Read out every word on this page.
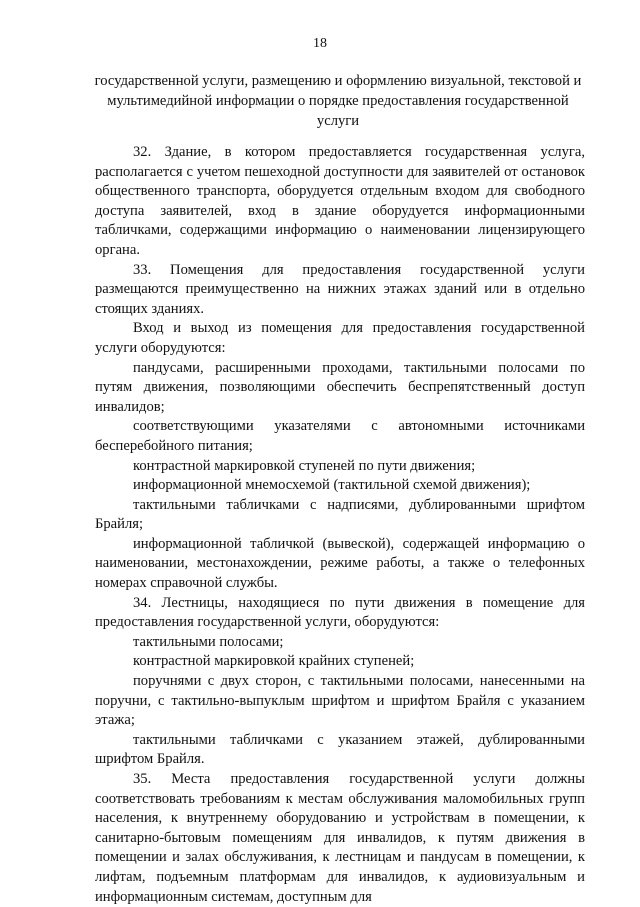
18
государственной услуги, размещению и оформлению визуальной, текстовой и мультимедийной информации о порядке предоставления государственной услуги

32. Здание, в котором предоставляется государственная услуга, располагается с учетом пешеходной доступности для заявителей от остановок общественного транспорта, оборудуется отдельным входом для свободного доступа заявителей, вход в здание оборудуется информационными табличками, содержащими информацию о наименовании лицензирующего органа.

33. Помещения для предоставления государственной услуги размещаются преимущественно на нижних этажах зданий или в отдельно стоящих зданиях.

Вход и выход из помещения для предоставления государственной услуги оборудуются:

пандусами, расширенными проходами, тактильными полосами по путям движения, позволяющими обеспечить беспрепятственный доступ инвалидов;

соответствующими указателями с автономными источниками бесперебойного питания;

контрастной маркировкой ступеней по пути движения;

информационной мнемосхемой (тактильной схемой движения);

тактильными табличками с надписями, дублированными шрифтом Брайля;

информационной табличкой (вывеской), содержащей информацию о наименовании, местонахождении, режиме работы, а также о телефонных номерах справочной службы.

34. Лестницы, находящиеся по пути движения в помещение для предоставления государственной услуги, оборудуются:

тактильными полосами;

контрастной маркировкой крайних ступеней;

поручнями с двух сторон, с тактильными полосами, нанесенными на поручни, с тактильно-выпуклым шрифтом и шрифтом Брайля с указанием этажа;

тактильными табличками с указанием этажей, дублированными шрифтом Брайля.

35. Места предоставления государственной услуги должны соответствовать требованиям к местам обслуживания маломобильных групп населения, к внутреннему оборудованию и устройствам в помещении, к санитарно-бытовым помещениям для инвалидов, к путям движения в помещении и залах обслуживания, к лестницам и пандусам в помещении, к лифтам, подъемным платформам для инвалидов, к аудиовизуальным и информационным системам, доступным для
